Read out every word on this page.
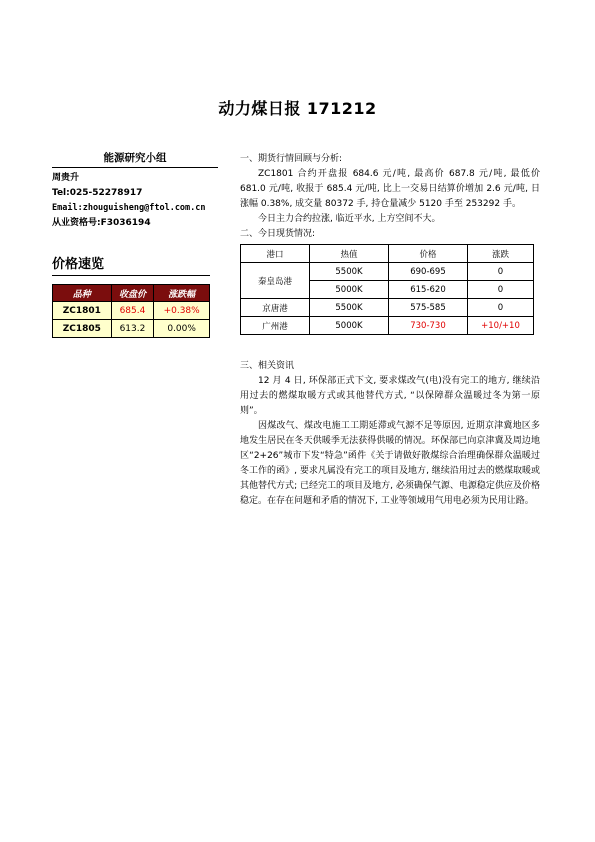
动力煤日报 171212
能源研究小组
周贵升
Tel:025-52278917
Email:zhouguisheng@ftol.com.cn
从业资格号:F3036194
价格速览
品种	收盘价	涨跌幅
ZC1801	685.4	+0.38%
ZC1805	613.2	0.00%

一、期货行情回顾与分析:

ZC1801 合约开盘报 684.6 元/吨, 最高价 687.8 元/吨, 最低价 681.0 元/吨, 收报于 685.4 元/吨, 比上一交易日结算价增加 2.6 元/吨, 日涨幅 0.38%, 成交量 80372 手, 持仓量减少 5120 手至 253292 手。

今日主力合约拉涨, 临近平水, 上方空间不大。

二、今日现货情况:

港口	热值	价格	涨跌
秦皇岛港	5500K	690-695	0
	5000K	615-620	0
京唐港	5500K	575-585	0
广州港	5000K	730-730	+10/+10

三、相关资讯

12 月 4 日, 环保部正式下文, 要求煤改气(电)没有完工的地方, 继续沿用过去的燃煤取暖方式或其他替代方式, “以保障群众温暖过冬为第一原则”。

因煤改气、煤改电施工工期延滞或气源不足等原因, 近期京津冀地区多地发生居民在冬天供暖季无法获得供暖的情况。环保部已向京津冀及周边地区“2+26”城市下发“特急”函件《关于请做好散煤综合治理确保群众温暖过冬工作的函》, 要求凡属没有完工的项目及地方, 继续沿用过去的燃煤取暖或其他替代方式; 已经完工的项目及地方, 必须确保气源、电源稳定供应及价格稳定。在存在问题和矛盾的情况下, 工业等领域用气用电必须为民用让路。
